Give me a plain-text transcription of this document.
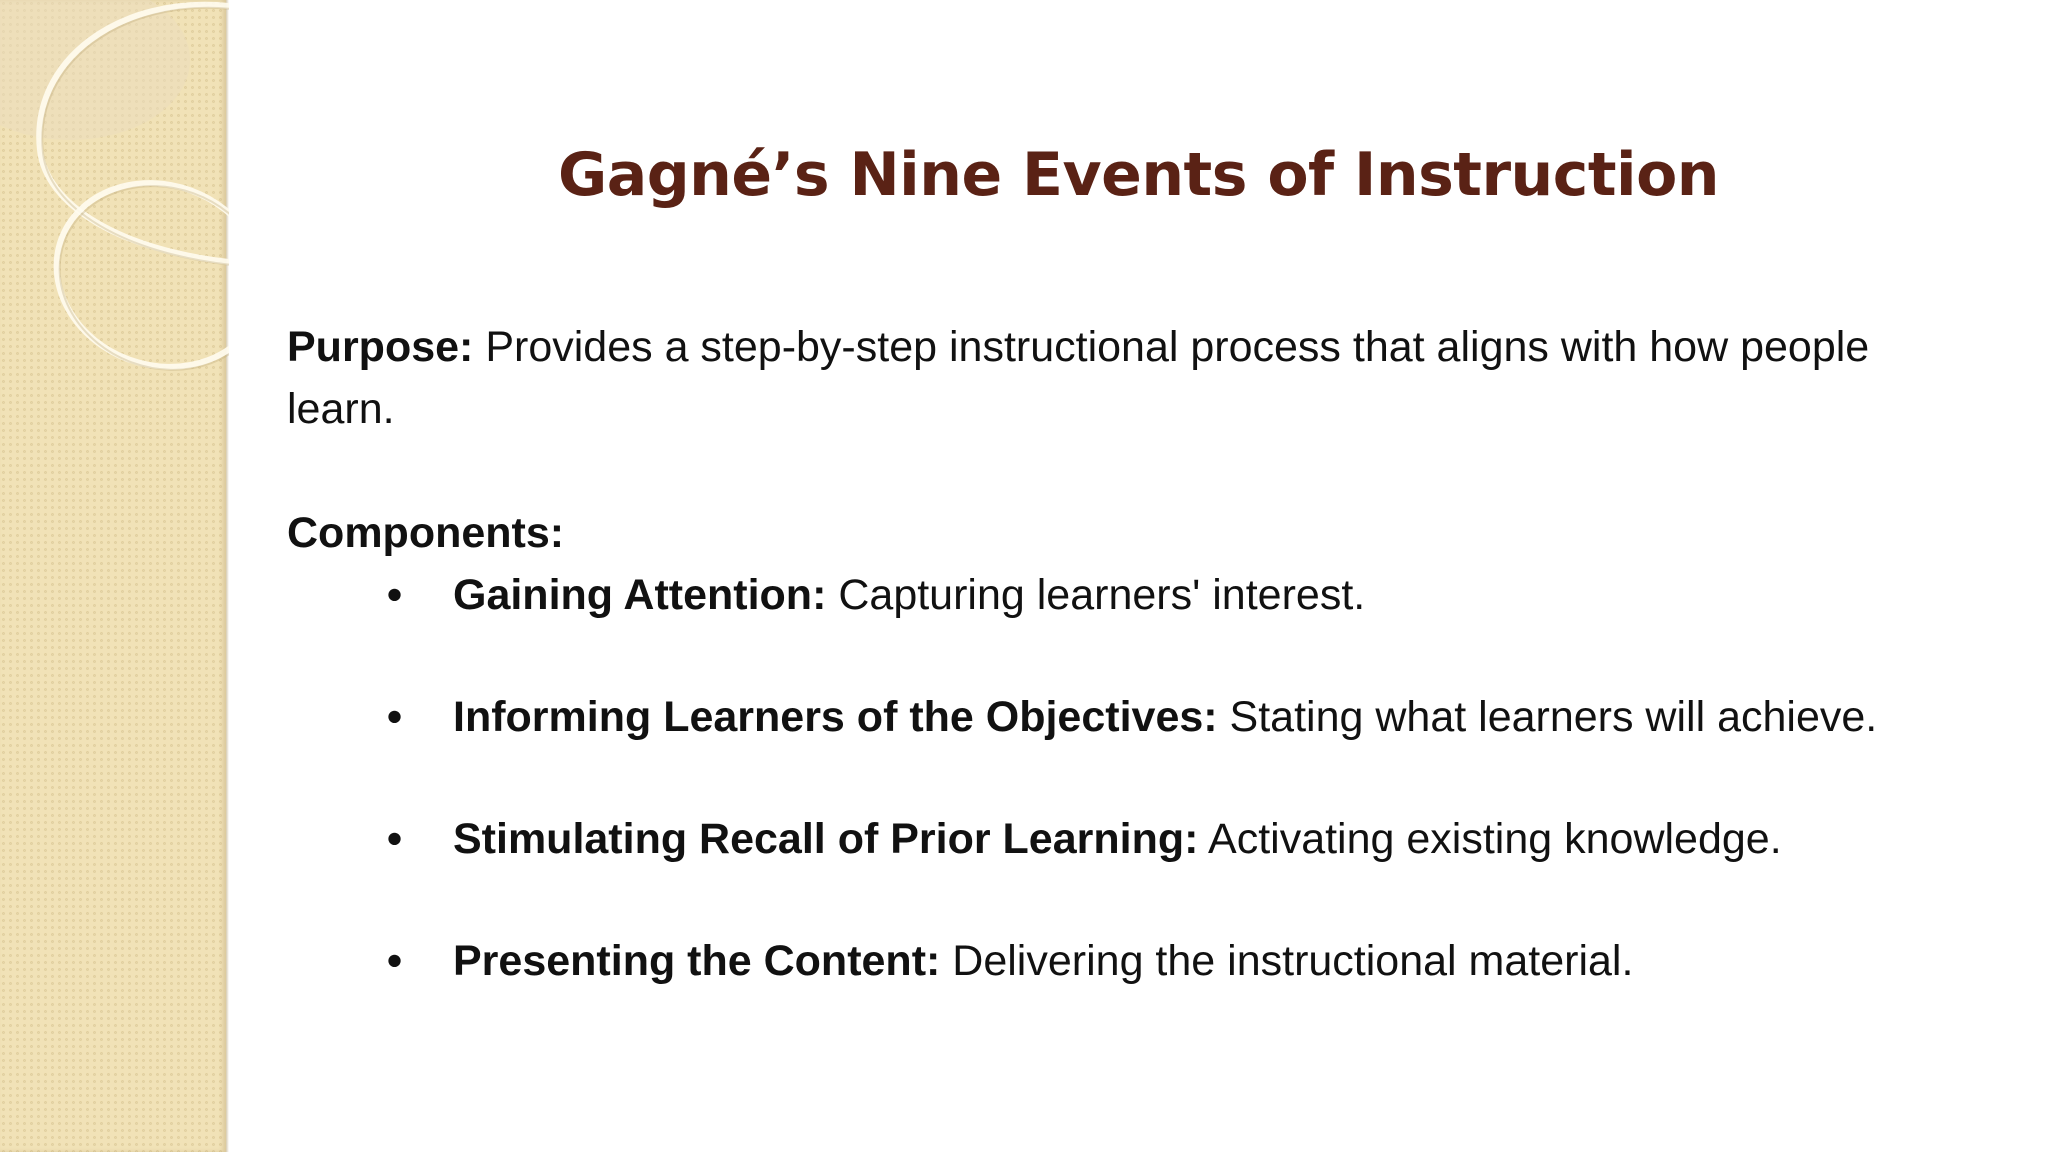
Gagné’s Nine Events of Instruction

Purpose: Provides a step-by-step instructional process that aligns with how people learn.

Components:

• Gaining Attention: Capturing learners' interest.
• Informing Learners of the Objectives: Stating what learners will achieve.
• Stimulating Recall of Prior Learning: Activating existing knowledge.
• Presenting the Content: Delivering the instructional material.
